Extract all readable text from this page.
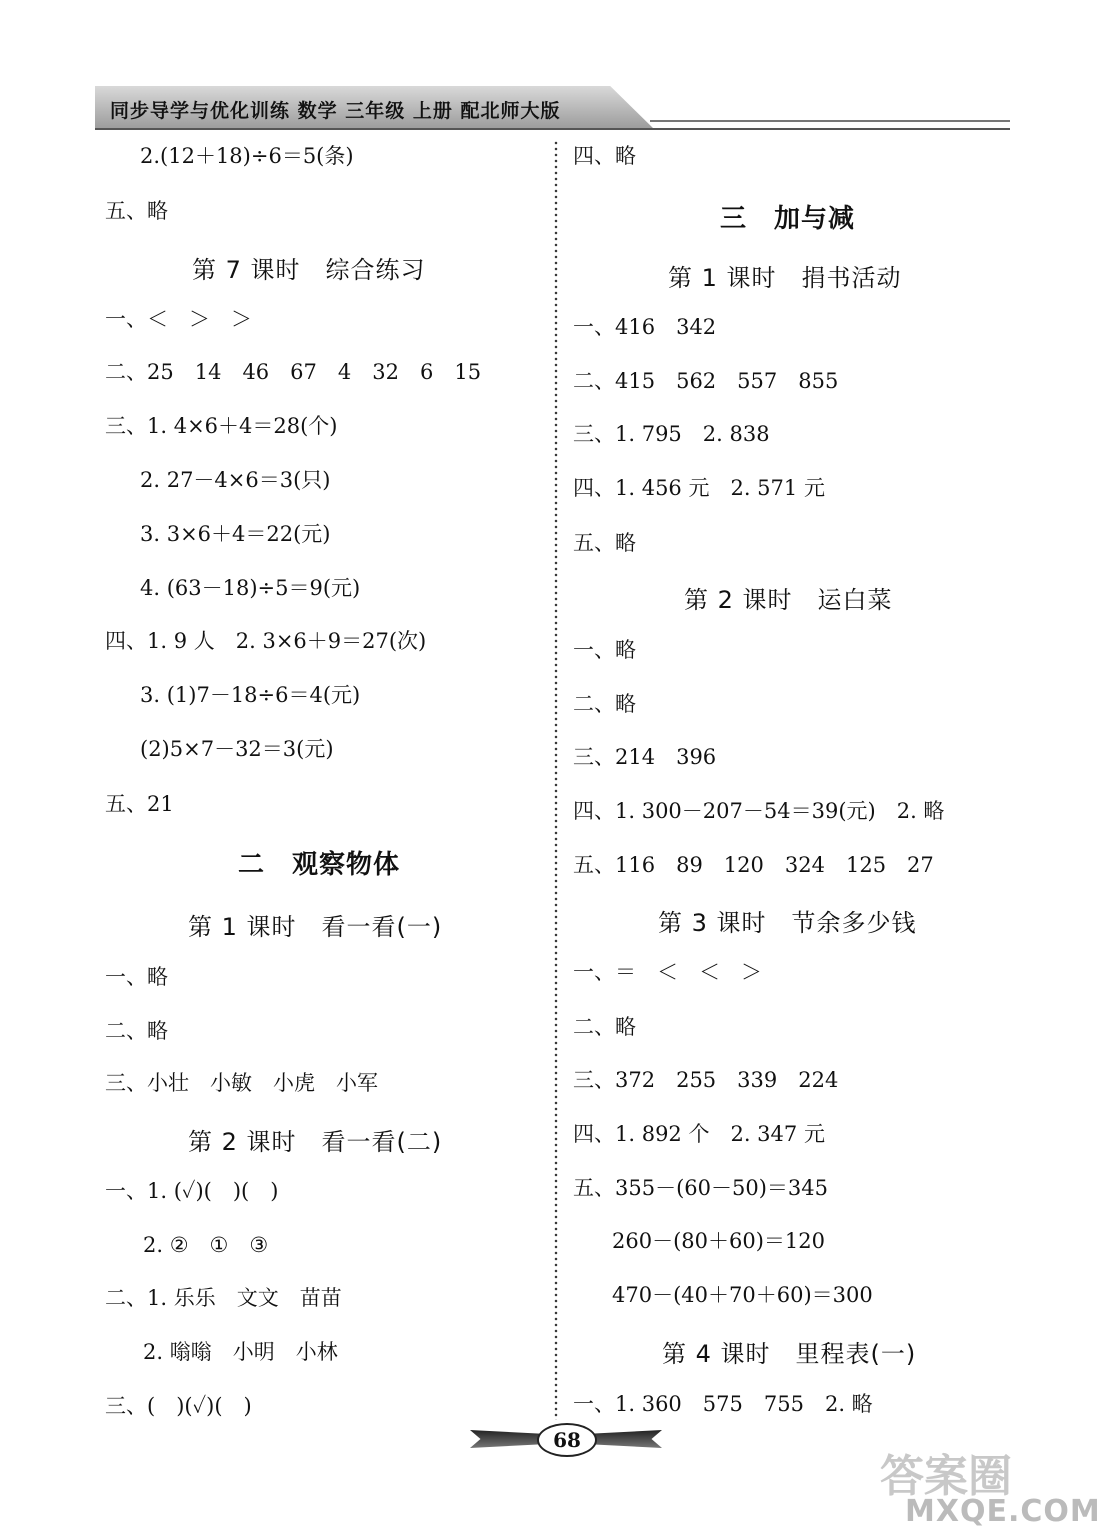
同步导学与优化训练 数学 三年级 上册 配北师大版
2.(12＋18)÷6＝5(条)
五、略
第 7 课时　综合练习
一、＜　＞　＞
二、25　14　46　67　4　32　6　15
三、1. 4×6＋4＝28(个)
2. 27－4×6＝3(只)
3. 3×6＋4＝22(元)
4. (63－18)÷5＝9(元)
四、1. 9 人　2. 3×6＋9＝27(次)
3. (1)7－18÷6＝4(元)
(2)5×7－32＝3(元)
五、21
二　观察物体
第 1 课时　看一看(一)
一、略
二、略
三、小壮　小敏　小虎　小军
第 2 课时　看一看(二)
一、1. (✓)(　)(　)
2. ②　①　③
二、1. 乐乐　文文　苗苗
2. 嗡嗡　小明　小林
三、(　)(✓)(　)
四、略
三　加与减
第 1 课时　捐书活动
一、416　342
二、415　562　557　855
三、1. 795　2. 838
四、1. 456 元　2. 571 元
五、略
第 2 课时　运白菜
一、略
二、略
三、214　396
四、1. 300－207－54＝39(元)　2. 略
五、116　89　120　324　125　27
第 3 课时　节余多少钱
一、＝　＜　＜　＞
二、略
三、372　255　339　224
四、1. 892 个　2. 347 元
五、355－(60－50)＝345
260－(80＋60)＝120
470－(40＋70＋60)＝300
第 4 课时　里程表(一)
一、1. 360　575　755　2. 略
68
答案圈
MXQE.COM
